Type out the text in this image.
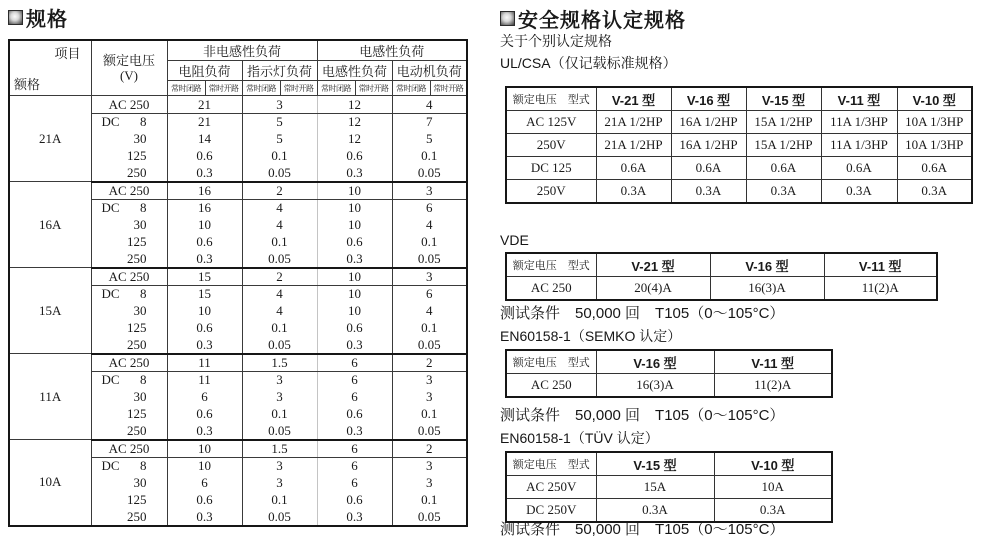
规格
项目
额格	额定电压
(V)	非电感性负荷				电感性负荷			
		电阻负荷		指示灯负荷		电感性负荷		电动机负荷	
		常时闭路	常时开路	常时闭路	常时开路	常时闭路	常时开路	常时闭路	常时开路
21A	AC 250	21		3		12		4	

	DC 8	21		5		12		7	
	30	14		5		12		5	
	125	0.6		0.1		0.6		0.1	
	250	0.3		0.05		0.3		0.05	
16A	AC 250	16		2		10		3	

	DC 8	16		4		10		6	
	30	10		4		10		4	
	125	0.6		0.1		0.6		0.1	
	250	0.3		0.05		0.3		0.05	
15A	AC 250	15		2		10		3	

	DC 8	15		4		10		6	
	30	10		4		10		4	
	125	0.6		0.1		0.6		0.1	
	250	0.3		0.05		0.3		0.05	
11A	AC 250	11		1.5		6		2	

	DC 8	11		3		6		3	
	30	6		3		6		3	
	125	0.6		0.1		0.6		0.1	
	250	0.3		0.05		0.3		0.05	
10A	AC 250	10		1.5		6		2	

	DC 8	10		3		6		3	
	30	6		3		6		3	
	125	0.6		0.1		0.6		0.1	
	250	0.3		0.05		0.3		0.05	
安全规格认定规格
关于个别认定规格
UL/CSA（仅记载标准规格）
额定电压　型式	V-21 型	V-16 型	V-15 型	V-11 型	V-10 型
AC 125V	21A 1/2HP	16A 1/2HP	15A 1/2HP	11A 1/3HP	10A 1/3HP
250V	21A 1/2HP	16A 1/2HP	15A 1/2HP	11A 1/3HP	10A 1/3HP
DC 125	0.6A	0.6A	0.6A	0.6A	0.6A
250V	0.3A	0.3A	0.3A	0.3A	0.3A
VDE
额定电压　型式	V-21 型	V-16 型	V-11 型
AC 250	20(4)A	16(3)A	11(2)A
测试条件　50,000 回　T105（0～105°C）
EN60158-1（SEMKO 认定）
额定电压　型式	V-16 型	V-11 型
AC 250	16(3)A	11(2)A
测试条件　50,000 回　T105（0～105°C）
EN60158-1（TÜV 认定）
额定电压　型式	V-15 型	V-10 型
AC 250V	15A	10A
DC 250V	0.3A	0.3A
测试条件　50,000 回　T105（0～105°C）
